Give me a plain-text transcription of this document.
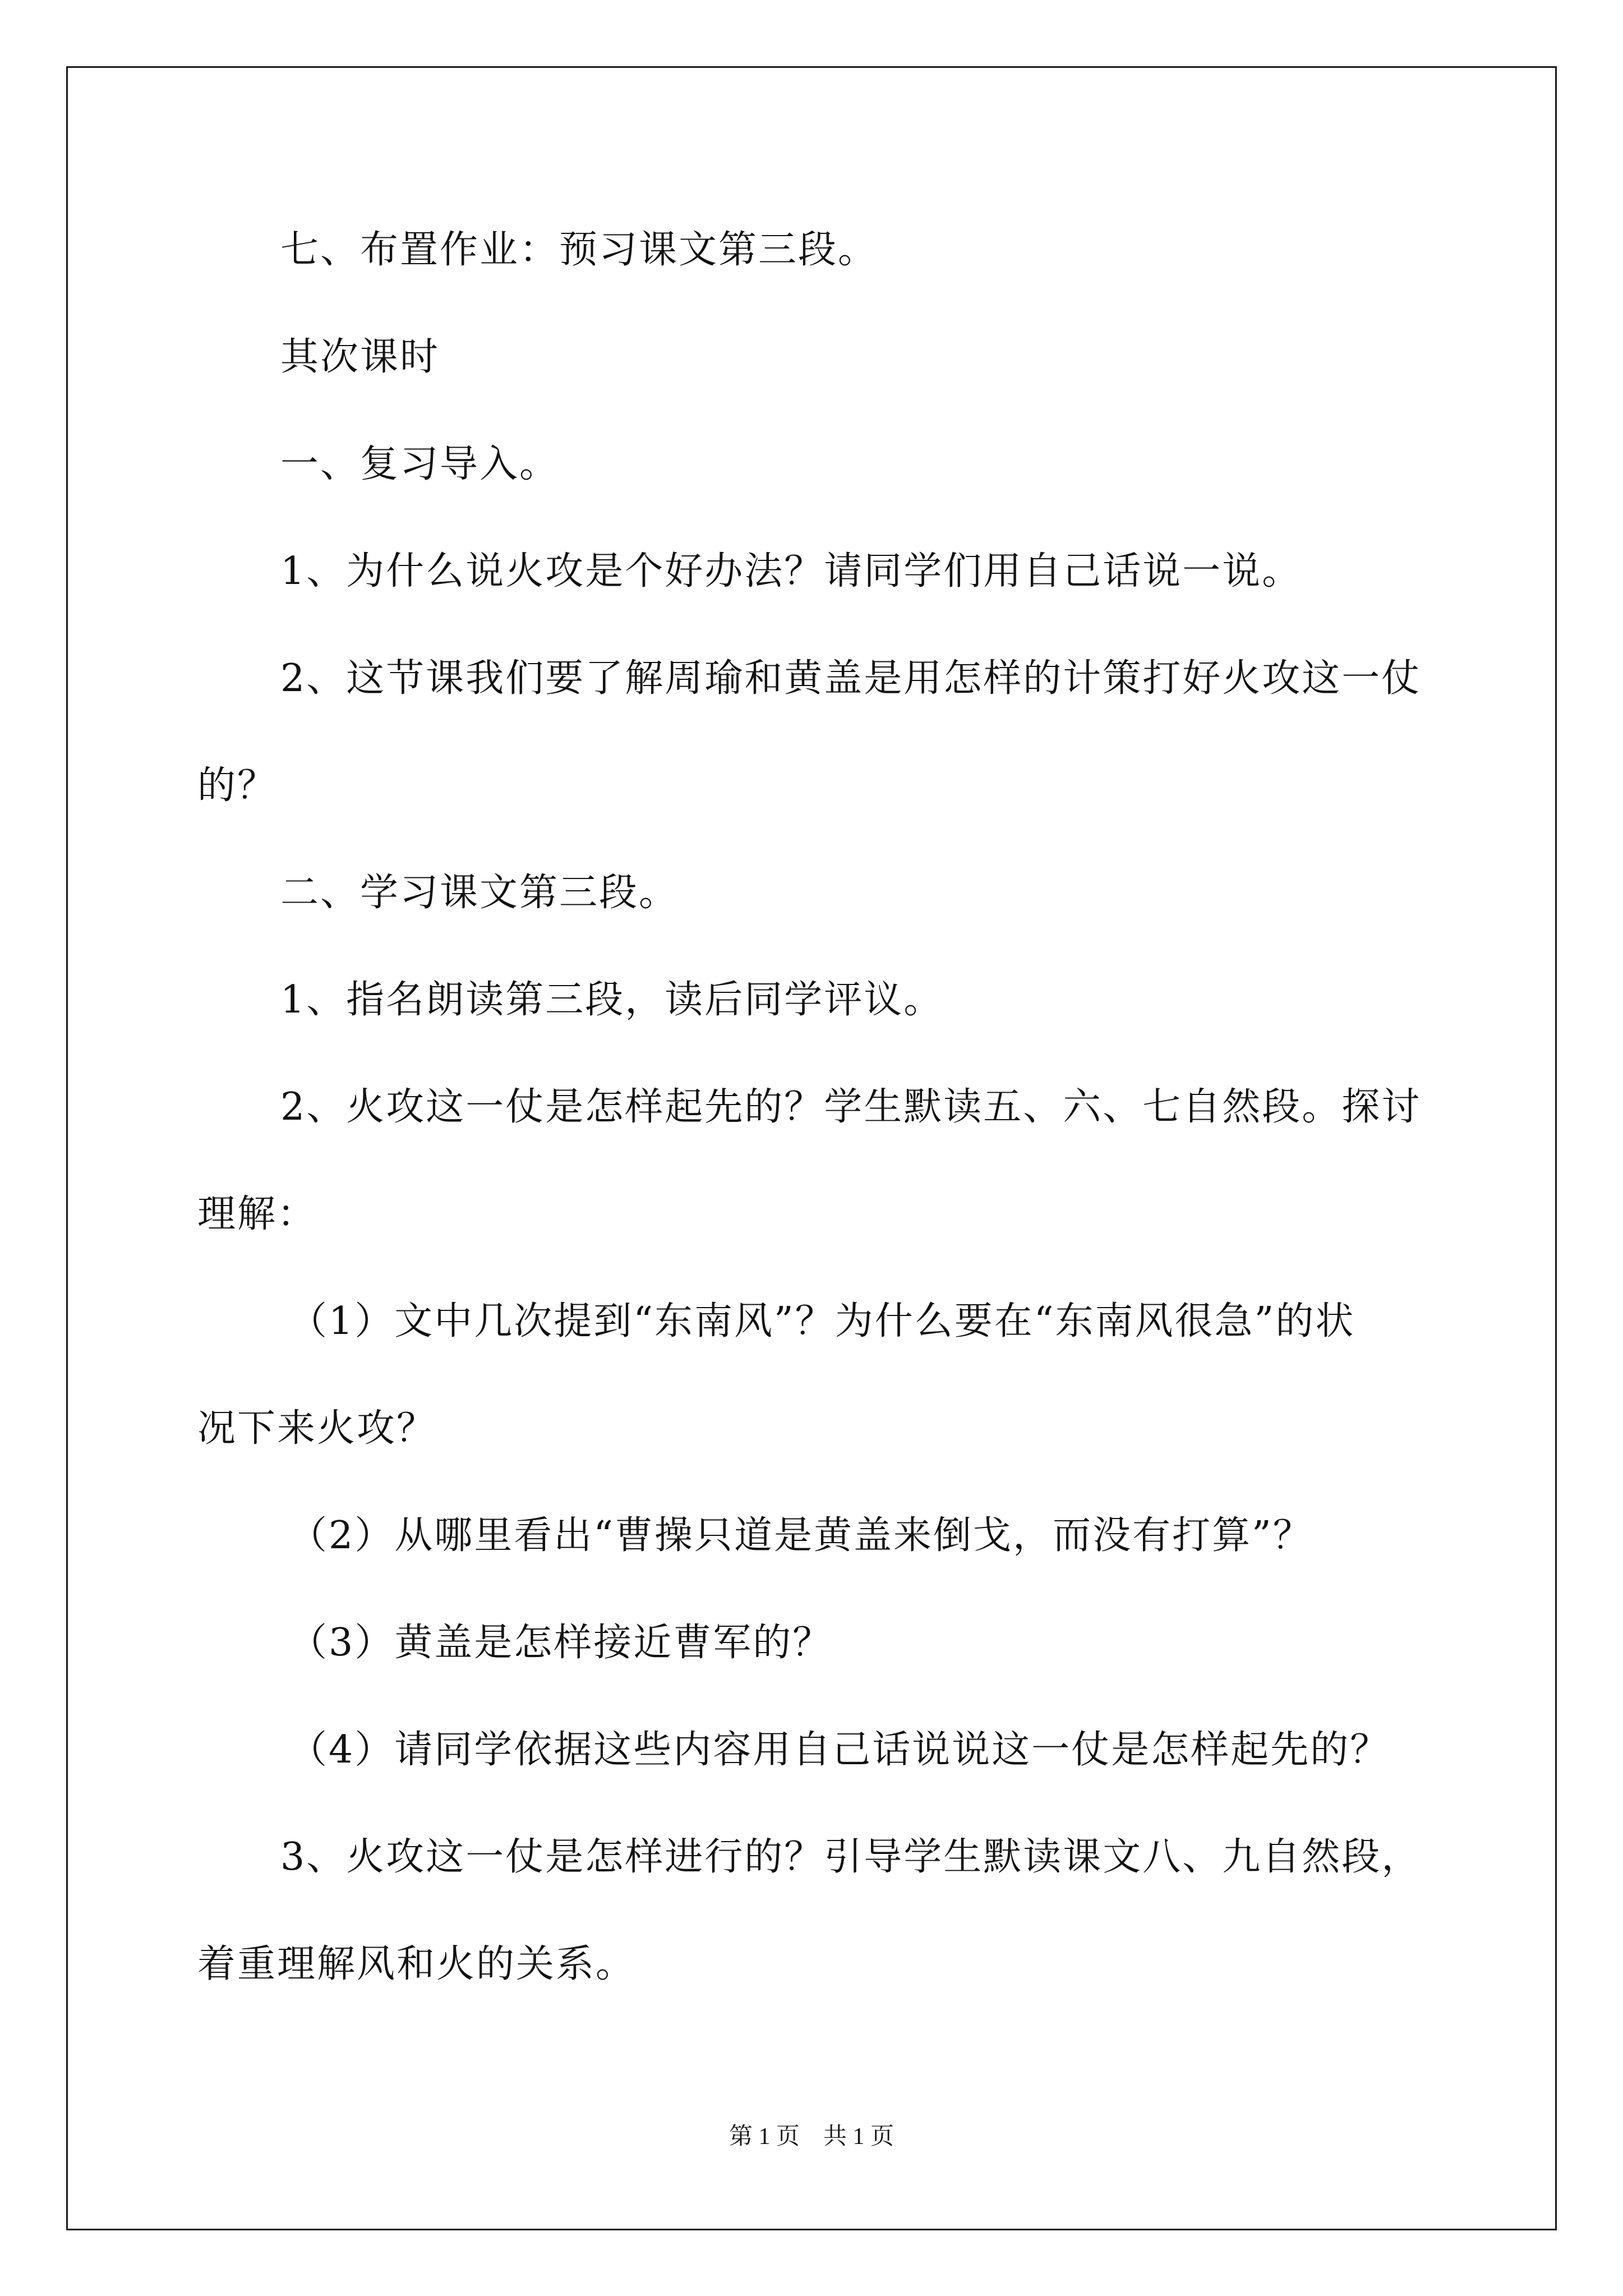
七、布置作业：预习课文第三段。
其次课时
一、复习导入。
1、为什么说火攻是个好办法？请同学们用自己话说一说。
2、这节课我们要了解周瑜和黄盖是用怎样的计策打好火攻这一仗
的？
二、学习课文第三段。
1、指名朗读第三段，读后同学评议。
2、火攻这一仗是怎样起先的？学生默读五、六、七自然段。探讨
理解：
（1）文中几次提到“东南风”？为什么要在“东南风很急”的状
况下来火攻？
（2）从哪里看出“曹操只道是黄盖来倒戈，而没有打算”？
（3）黄盖是怎样接近曹军的？
（4）请同学依据这些内容用自己话说说这一仗是怎样起先的？
3、火攻这一仗是怎样进行的？引导学生默读课文八、九自然段，
着重理解风和火的关系。
第 1 页　共 1 页
